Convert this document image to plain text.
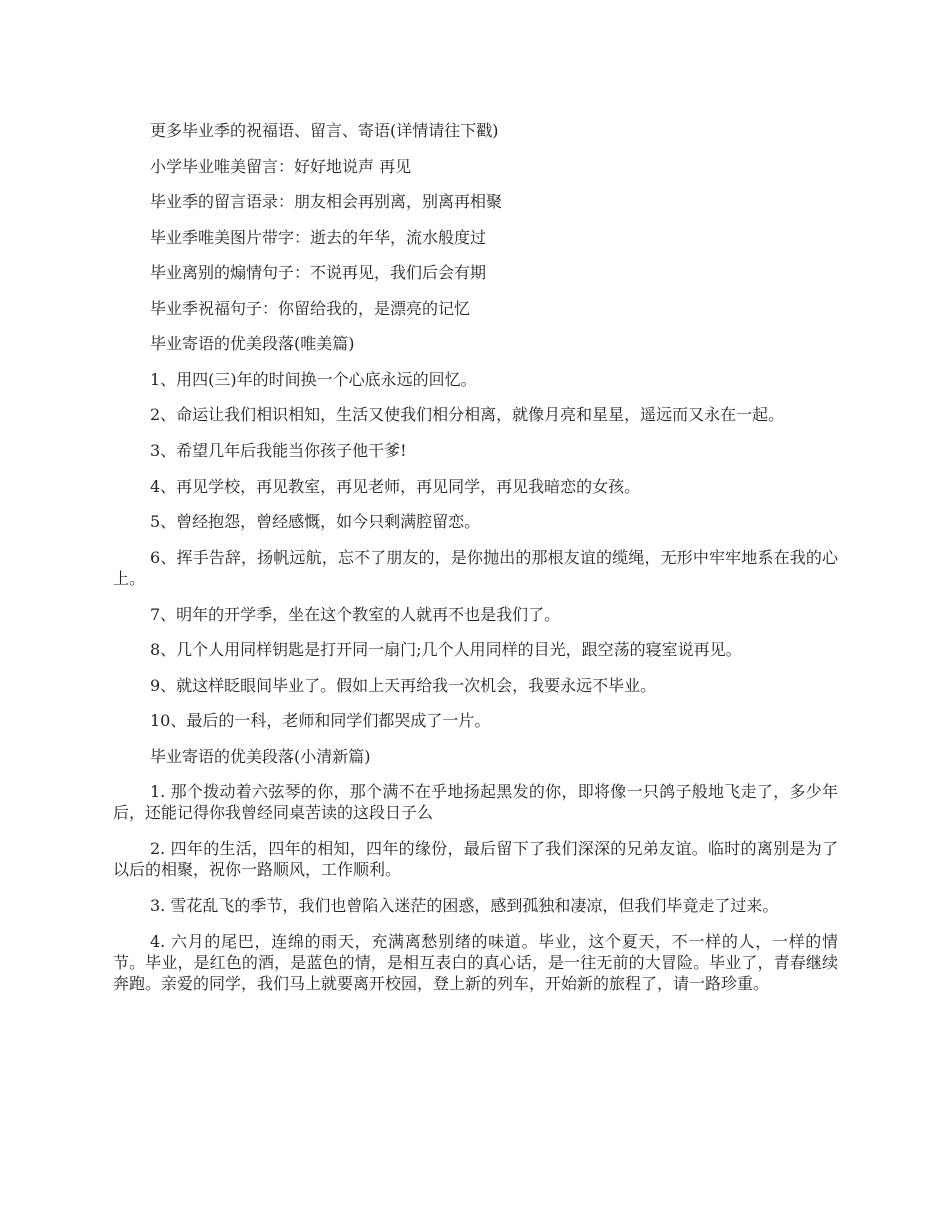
更多毕业季的祝福语、留言、寄语(详情请往下戳)

小学毕业唯美留言：好好地说声 再见

毕业季的留言语录：朋友相会再别离，别离再相聚

毕业季唯美图片带字：逝去的年华，流水般度过

毕业离别的煽情句子：不说再见，我们后会有期

毕业季祝福句子：你留给我的，是漂亮的记忆

毕业寄语的优美段落(唯美篇)

1、用四(三)年的时间换一个心底永远的回忆。

2、命运让我们相识相知，生活又使我们相分相离，就像月亮和星星，遥远而又永在一起。

3、希望几年后我能当你孩子他干爹!

4、再见学校，再见教室，再见老师，再见同学，再见我暗恋的女孩。

5、曾经抱怨，曾经感慨，如今只剩满腔留恋。

6、挥手告辞，扬帆远航，忘不了朋友的，是你抛出的那根友谊的缆绳，无形中牢牢地系在我的心上。

7、明年的开学季，坐在这个教室的人就再不也是我们了。

8、几个人用同样钥匙是打开同一扇门;几个人用同样的目光，跟空荡的寝室说再见。

9、就这样眨眼间毕业了。假如上天再给我一次机会，我要永远不毕业。

10、最后的一科，老师和同学们都哭成了一片。

毕业寄语的优美段落(小清新篇)

1. 那个拨动着六弦琴的你，那个满不在乎地扬起黑发的你，即将像一只鸽子般地飞走了，多少年后，还能记得你我曾经同桌苦读的这段日子么

2. 四年的生活，四年的相知，四年的缘份，最后留下了我们深深的兄弟友谊。临时的离别是为了以后的相聚，祝你一路顺风，工作顺利。

3. 雪花乱飞的季节，我们也曾陷入迷茫的困惑，感到孤独和凄凉，但我们毕竟走了过来。

4. 六月的尾巴，连绵的雨天，充满离愁别绪的味道。毕业，这个夏天，不一样的人，一样的情节。毕业，是红色的酒，是蓝色的情，是相互表白的真心话，是一往无前的大冒险。毕业了，青春继续奔跑。亲爱的同学，我们马上就要离开校园，登上新的列车，开始新的旅程了，请一路珍重。
